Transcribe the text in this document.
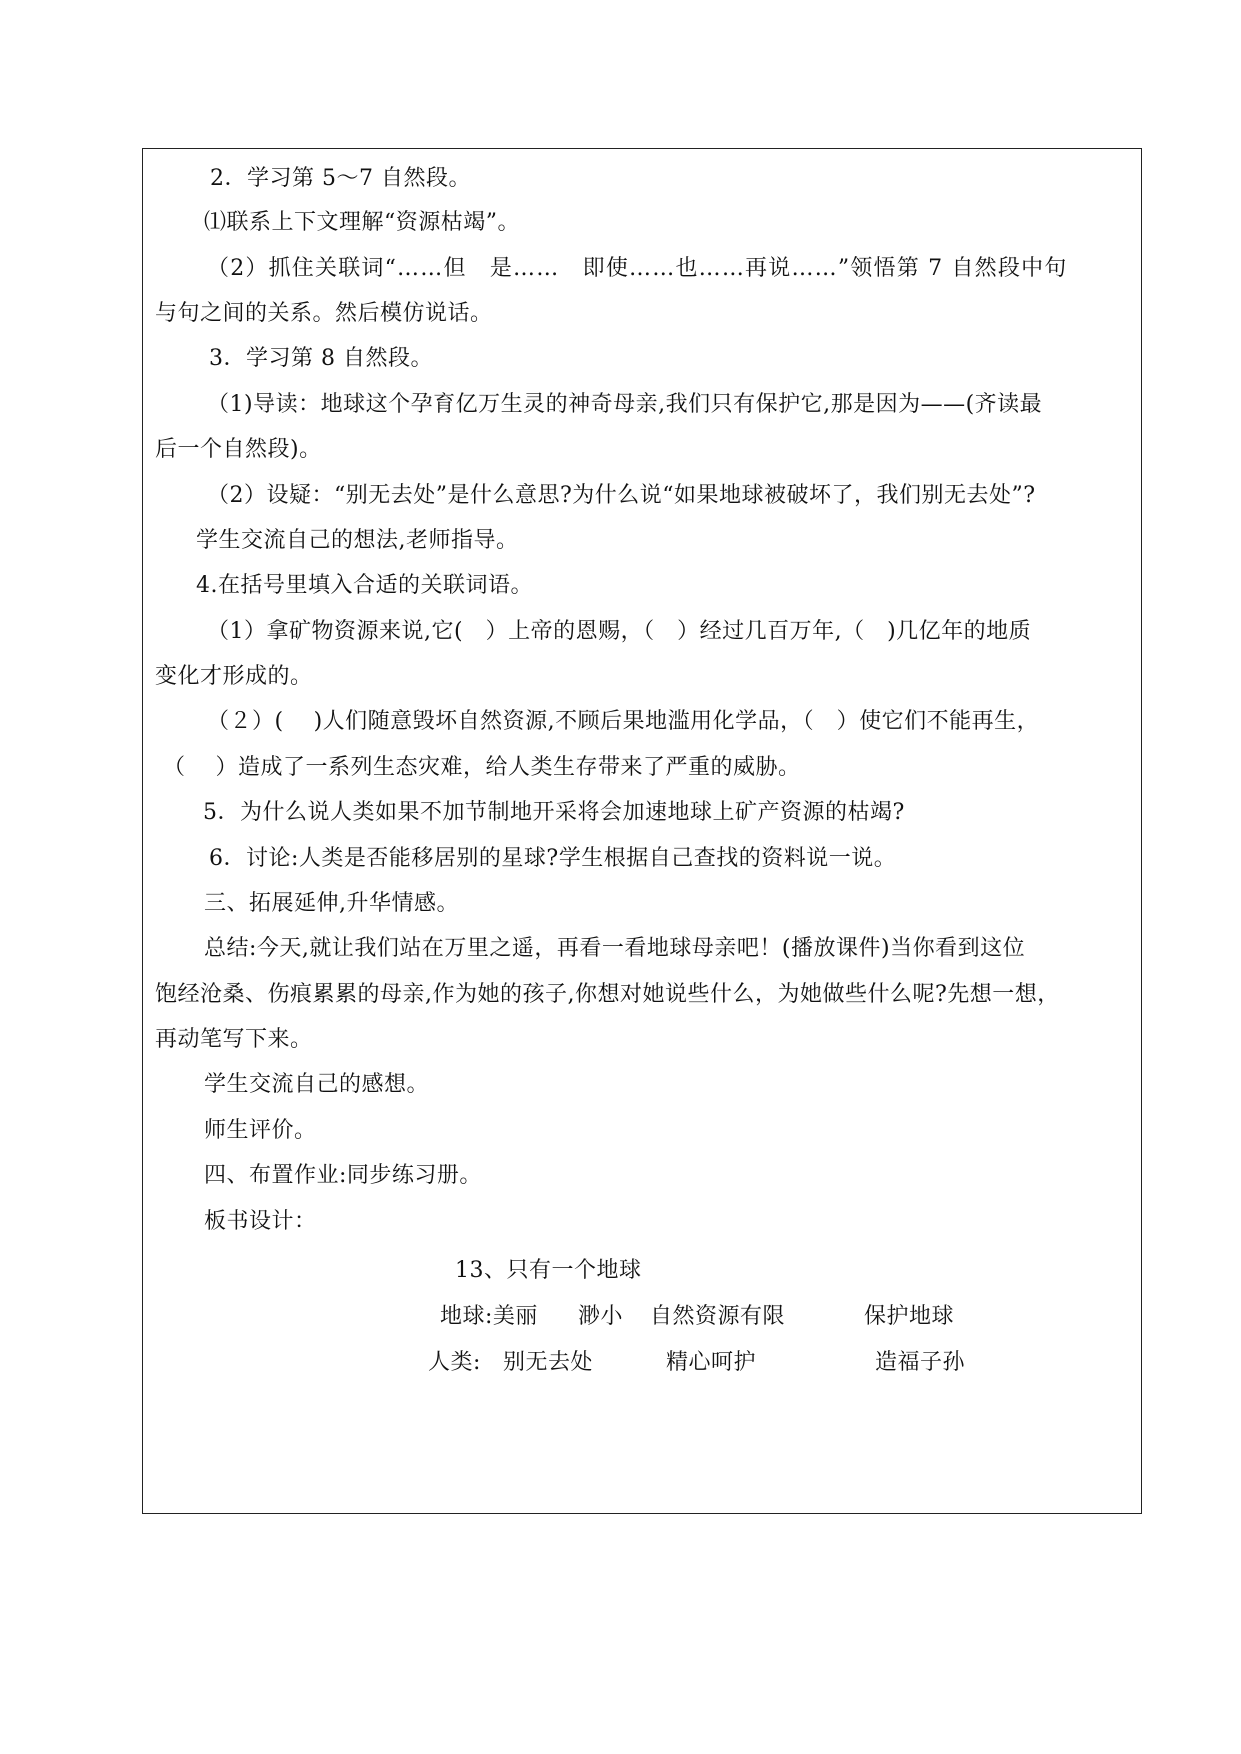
2．学习第 5～7 自然段。
⑴联系上下文理解“资源枯竭”。
（2）抓住关联词“……但　是……　即使……也……再说……”领悟第 7 自然段中句
与句之间的关系。然后模仿说话。
3．学习第 8 自然段。
（1)导读：地球这个孕育亿万生灵的神奇母亲,我们只有保护它,那是因为——(齐读最
后一个自然段)。
（2）设疑：“别无去处”是什么意思?为什么说“如果地球被破坏了，我们别无去处”?
学生交流自己的想法,老师指导。
4.在括号里填入合适的关联词语。
（1）拿矿物资源来说,它(　）上帝的恩赐，（　）经过几百万年,（　)几亿年的地质
变化才形成的。
（２）(　 )人们随意毁坏自然资源,不顾后果地滥用化学品，（　）使它们不能再生，
（　 ）造成了一系列生态灾难，给人类生存带来了严重的威胁。
5．为什么说人类如果不加节制地开采将会加速地球上矿产资源的枯竭?
6．讨论:人类是否能移居别的星球?学生根据自己查找的资料说一说。
三、拓展延伸,升华情感。
总结:今天,就让我们站在万里之遥，再看一看地球母亲吧！(播放课件)当你看到这位
饱经沧桑、伤痕累累的母亲,作为她的孩子,你想对她说些什么，为她做些什么呢?先想一想，
再动笔写下来。
学生交流自己的感想。
师生评价。
四、布置作业:同步练习册。
板书设计：
13、只有一个地球
地球:美丽 渺小 自然资源有限	保护地球
人类: 别无去处	精心呵护	造福子孙
